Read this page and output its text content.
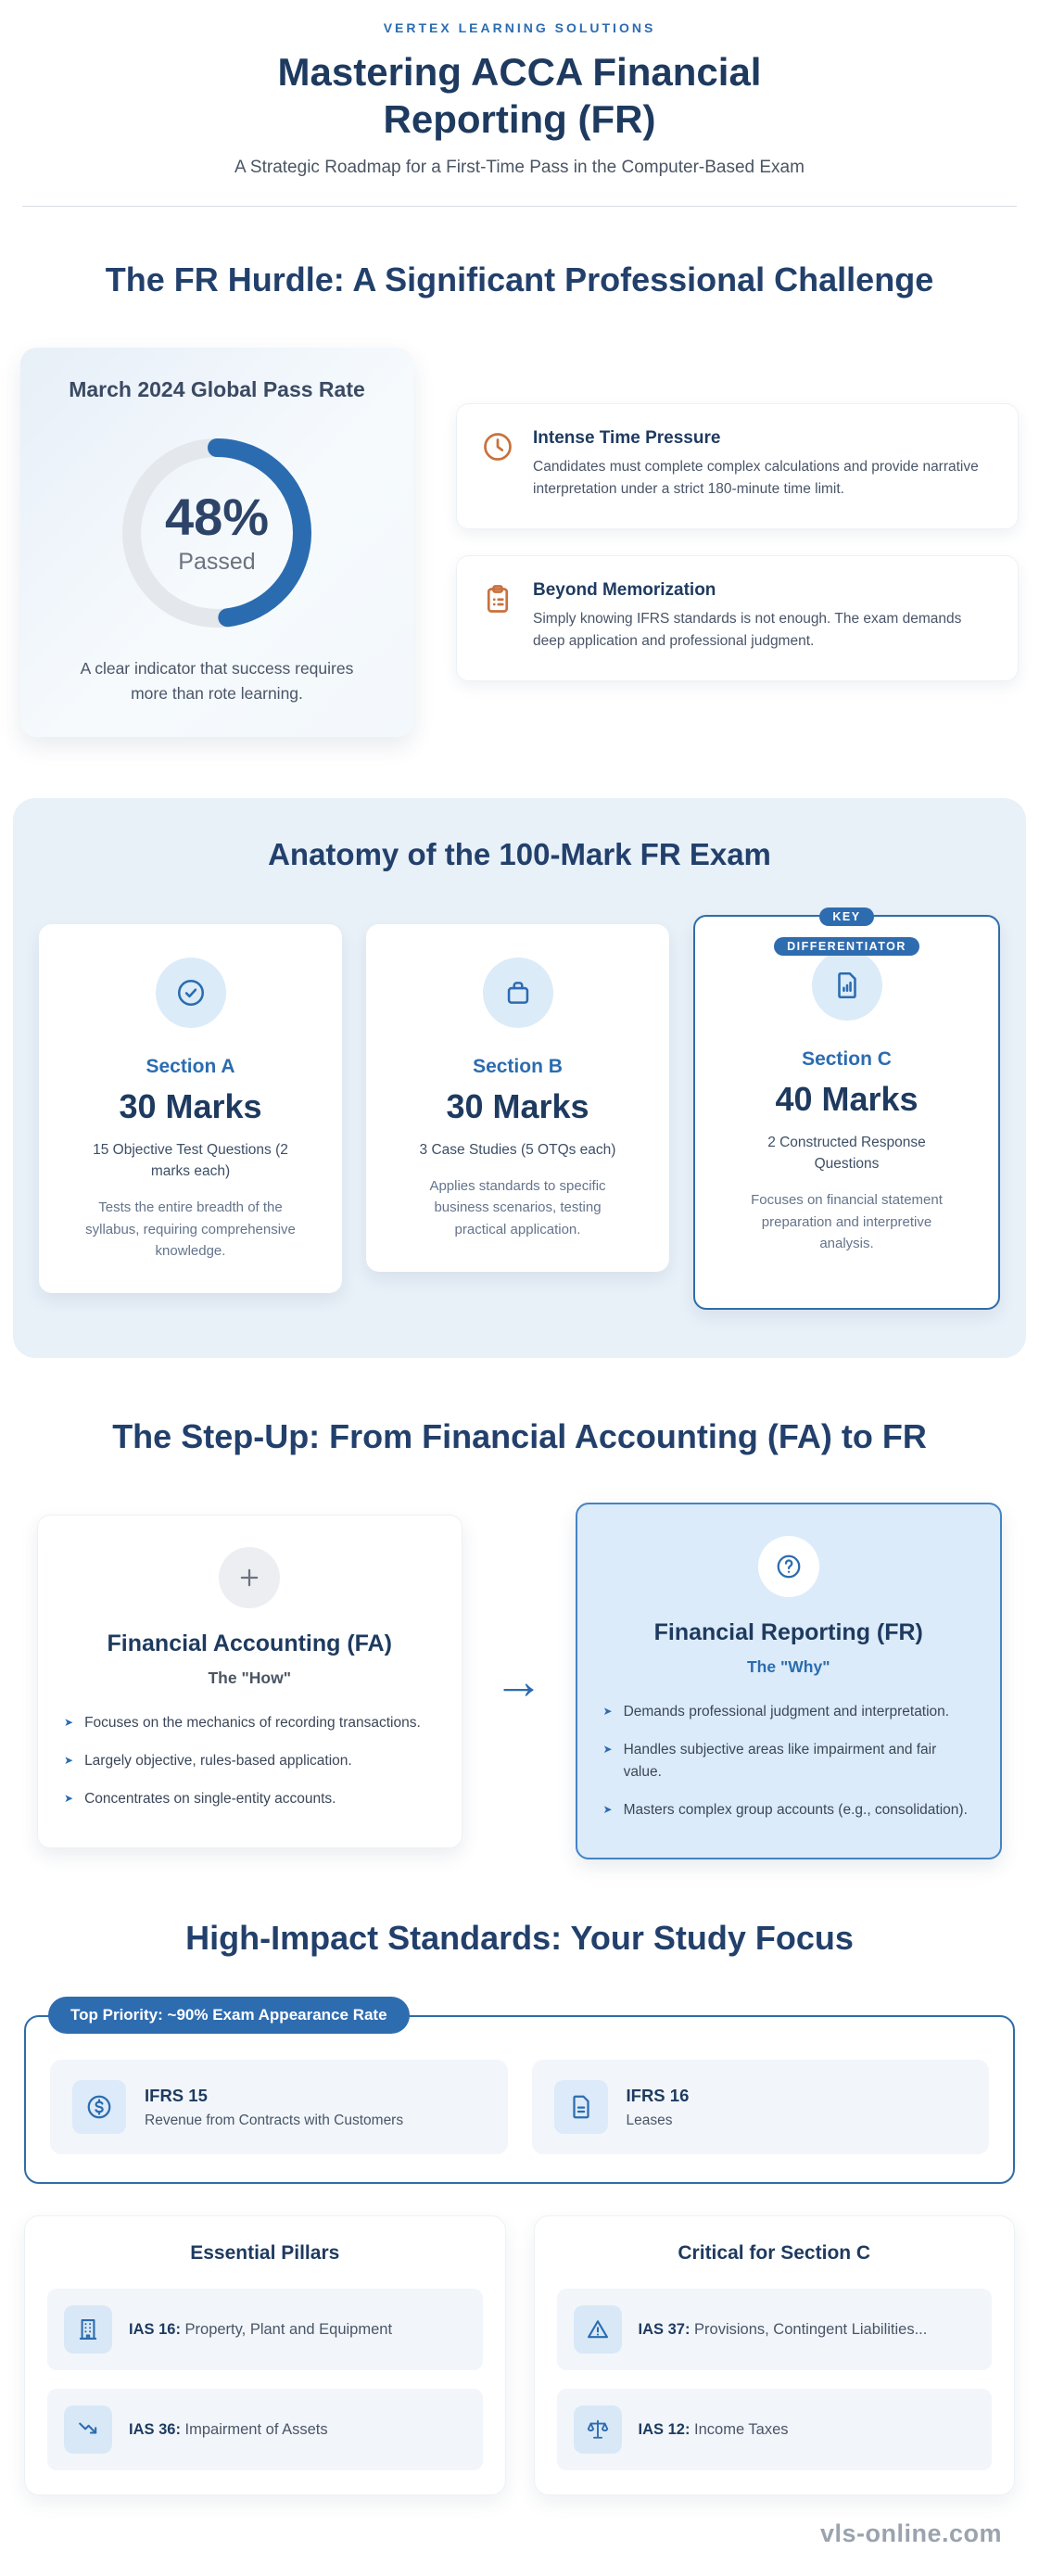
VERTEX LEARNING SOLUTIONS
Mastering ACCA Financial Reporting (FR)

A Strategic Roadmap for a First-Time Pass in the Computer-Based Exam

The FR Hurdle: A Significant Professional Challenge
March 2024 Global Pass Rate
48%
Passed

A clear indicator that success requires more than rote learning.

Intense Time Pressure
Candidates must complete complex calculations and provide narrative interpretation under a strict 180-minute time limit.
Beyond Memorization
Simply knowing IFRS standards is not enough. The exam demands deep application and professional judgment.
Anatomy of the 100-Mark FR Exam
Section A
30 Marks
15 Objective Test Questions (2 marks each)
Tests the entire breadth of the syllabus, requiring comprehensive knowledge.
Section B
30 Marks
3 Case Studies (5 OTQs each)
Applies standards to specific business scenarios, testing practical application.
KEY DIFFERENTIATOR
Section C
40 Marks
2 Constructed Response Questions
Focuses on financial statement preparation and interpretive analysis.
The Step-Up: From Financial Accounting (FA) to FR
Financial Accounting (FA)
The "How"
➤ Focuses on the mechanics of recording transactions.
➤ Largely objective, rules-based application.
➤ Concentrates on single-entity accounts.
→
Financial Reporting (FR)
The "Why"
➤ Demands professional judgment and interpretation.
➤ Handles subjective areas like impairment and fair value.
➤ Masters complex group accounts (e.g., consolidation).
High-Impact Standards: Your Study Focus
Top Priority: ~90% Exam Appearance Rate
IFRS 15
Revenue from Contracts with Customers
IFRS 16
Leases
Essential Pillars
IAS 16: Property, Plant and Equipment
IAS 36: Impairment of Assets
Critical for Section C
IAS 37: Provisions, Contingent Liabilities...
IAS 12: Income Taxes
vls-online.com
